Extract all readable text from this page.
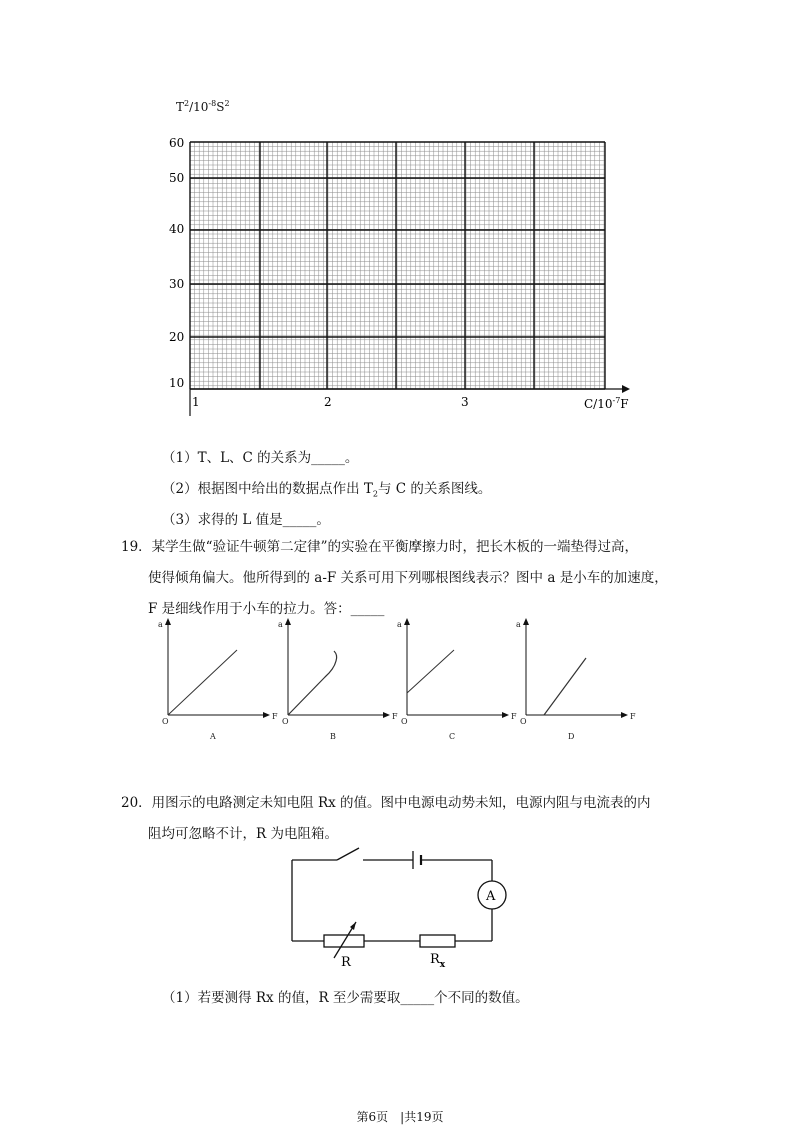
$T^2/10^{-8}S^2$
60
50
40
30
20
10
1	2	3	$C/10^{-7}F$
（1）T、L、C 的关系为_____。
（2）根据图中给出的数据点作出 $T_2$与 C 的关系图线。
（3）求得的 L 值是_____。
19．某学生做“验证牛顿第二定律”的实验在平衡摩擦力时，把长木板的一端垫得过高，
使得倾角偏大。他所得到的 a-F 关系可用下列哪根图线表示？图中 a 是小车的加速度，
F 是细线作用于小车的拉力。答：_____
a
F
O
A
a
F
O
B
a
F
O
C
a
F
O
D
20．用图示的电路测定未知电阻 Rx 的值。图中电源电动势未知，电源内阻与电流表的内
阻均可忽略不计，R 为电阻箱。
A
R	$R_x$
（1）若要测得 Rx 的值，R 至少需要取_____个不同的数值。
第6页　|共19页
